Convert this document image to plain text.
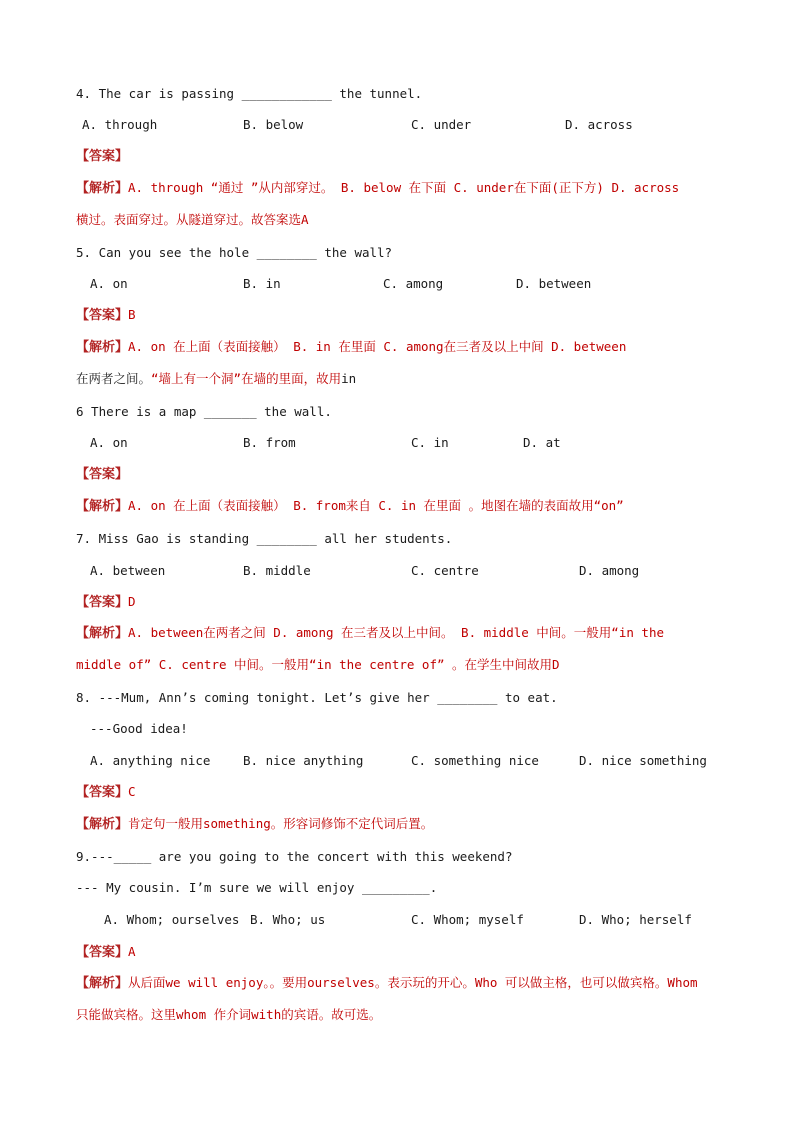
4. The car is passing ____________ the tunnel.
A. through	B. below	C. under	D. across
【答案】
【解析】A. through “通过 ”从内部穿过。 B. below 在下面 C. under在下面(正下方) D. across
横过。表面穿过。从隧道穿过。故答案选A
5. Can you see the hole ________ the wall?
A. on	B. in	C. among	D. between
【答案】B
【解析】A. on 在上面（表面接触） B. in 在里面 C. among在三者及以上中间 D. between
在两者之间。“墙上有一个洞”在墙的里面，故用in
6 There is a map _______ the wall.
A. on	B. from	C. in	D. at
【答案】
【解析】A. on 在上面（表面接触） B. from来自 C. in 在里面 。地图在墙的表面故用“on”
7. Miss Gao is standing ________ all her students.
A. between	B. middle	C. centre	D. among
【答案】D
【解析】A. between在两者之间 D. among 在三者及以上中间。 B. middle 中间。一般用“in the
middle of” C. centre 中间。一般用“in the centre of” 。在学生中间故用D
8. ---Mum, Ann’s coming tonight. Let’s give her ________ to eat.
---Good idea!
A. anything nice	B. nice anything	C. something nice	D. nice something
【答案】C
【解析】肯定句一般用something。形容词修饰不定代词后置。
9.---_____ are you going to the concert with this weekend?
--- My cousin. I’m sure we will enjoy _________.
A. Whom; ourselves B. Who; us	C. Whom; myself	D. Who; herself
【答案】A
【解析】从后面we will enjoy。。要用ourselves。表示玩的开心。Who 可以做主格，也可以做宾格。Whom
只能做宾格。这里whom 作介词with的宾语。故可选。
